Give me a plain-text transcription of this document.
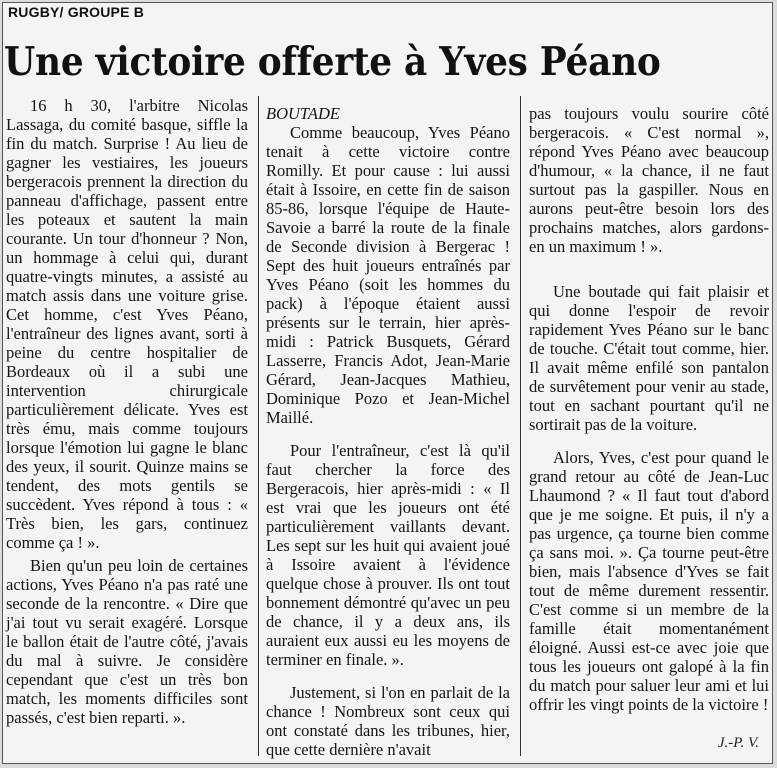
RUGBY/ GROUPE B
Une victoire offerte à Yves Péano

16 h 30, l'arbitre Nicolas Lassaga, du comité basque, siffle la fin du match. Surprise ! Au lieu de gagner les vestiaires, les joueurs bergeracois prennent la direction du panneau d'affichage, passent entre les poteaux et sautent la main courante. Un tour d'honneur ? Non, un hommage à celui qui, durant quatre-vingts minutes, a assisté au match assis dans une voiture grise. Cet homme, c'est Yves Péano, l'entraîneur des lignes avant, sorti à peine du centre hospitalier de Bordeaux où il a subi une intervention chirurgicale particulièrement délicate. Yves est très ému, mais comme toujours lorsque l'émotion lui gagne le blanc des yeux, il sourit. Quinze mains se tendent, des mots gentils se succèdent. Yves répond à tous : « Très bien, les gars, continuez comme ça ! ».

Bien qu'un peu loin de certaines actions, Yves Péano n'a pas raté une seconde de la rencontre. « Dire que j'ai tout vu serait exagéré. Lorsque le ballon était de l'autre côté, j'avais du mal à suivre. Je considère cependant que c'est un très bon match, les moments difficiles sont passés, c'est bien reparti. ».

BOUTADE

Comme beaucoup, Yves Péano tenait à cette victoire contre Romilly. Et pour cause : lui aussi était à Issoire, en cette fin de saison 85-86, lorsque l'équipe de Haute-Savoie a barré la route de la finale de Seconde division à Bergerac ! Sept des huit joueurs entraînés par Yves Péano (soit les hommes du pack) à l'époque étaient aussi présents sur le terrain, hier après-midi : Patrick Busquets, Gérard Lasserre, Francis Adot, Jean-Marie Gérard, Jean-Jacques Mathieu, Dominique Pozo et Jean-Michel Maillé.

Pour l'entraîneur, c'est là qu'il faut chercher la force des Bergeracois, hier après-midi : « Il est vrai que les joueurs ont été particulièrement vaillants devant. Les sept sur les huit qui avaient joué à Issoire avaient à l'évidence quelque chose à prouver. Ils ont tout bonnement démontré qu'avec un peu de chance, il y a deux ans, ils auraient eux aussi eu les moyens de terminer en finale. ».

Justement, si l'on en parlait de la chance ! Nombreux sont ceux qui ont constaté dans les tribunes, hier, que cette dernière n'avait

pas toujours voulu sourire côté bergeracois. « C'est normal », répond Yves Péano avec beaucoup d'humour, « la chance, il ne faut surtout pas la gaspiller. Nous en aurons peut-être besoin lors des prochains matches, alors gardons-en un maximum ! ».

Une boutade qui fait plaisir et qui donne l'espoir de revoir rapidement Yves Péano sur le banc de touche. C'était tout comme, hier. Il avait même enfilé son pantalon de survêtement pour venir au stade, tout en sachant pourtant qu'il ne sortirait pas de la voiture.

Alors, Yves, c'est pour quand le grand retour au côté de Jean-Luc Lhaumond ? « Il faut tout d'abord que je me soigne. Et puis, il n'y a pas urgence, ça tourne bien comme ça sans moi. ». Ça tourne peut-être bien, mais l'absence d'Yves se fait tout de même durement ressentir. C'est comme si un membre de la famille était momentanément éloigné. Aussi est-ce avec joie que tous les joueurs ont galopé à la fin du match pour saluer leur ami et lui offrir les vingt points de la victoire !

J.-P. V.
